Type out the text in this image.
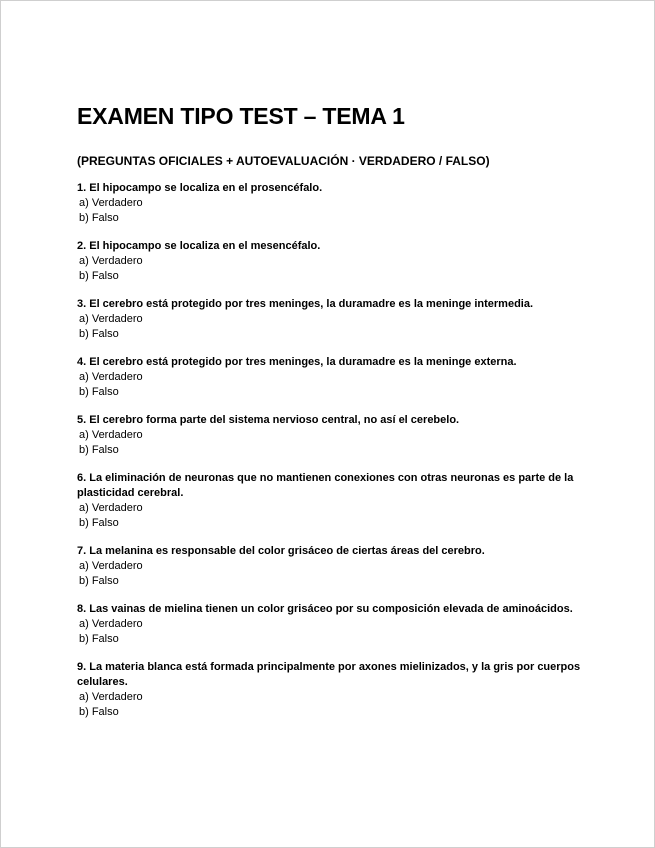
EXAMEN TIPO TEST – TEMA 1
(PREGUNTAS OFICIALES + AUTOEVALUACIÓN · VERDADERO / FALSO)
1. El hipocampo se localiza en el prosencéfalo.
a) Verdadero
b) Falso
2. El hipocampo se localiza en el mesencéfalo.
a) Verdadero
b) Falso
3. El cerebro está protegido por tres meninges, la duramadre es la meninge intermedia.
a) Verdadero
b) Falso
4. El cerebro está protegido por tres meninges, la duramadre es la meninge externa.
a) Verdadero
b) Falso
5. El cerebro forma parte del sistema nervioso central, no así el cerebelo.
a) Verdadero
b) Falso
6. La eliminación de neuronas que no mantienen conexiones con otras neuronas es parte de la plasticidad cerebral.
a) Verdadero
b) Falso
7. La melanina es responsable del color grisáceo de ciertas áreas del cerebro.
a) Verdadero
b) Falso
8. Las vainas de mielina tienen un color grisáceo por su composición elevada de aminoácidos.
a) Verdadero
b) Falso
9. La materia blanca está formada principalmente por axones mielinizados, y la gris por cuerpos celulares.
a) Verdadero
b) Falso
